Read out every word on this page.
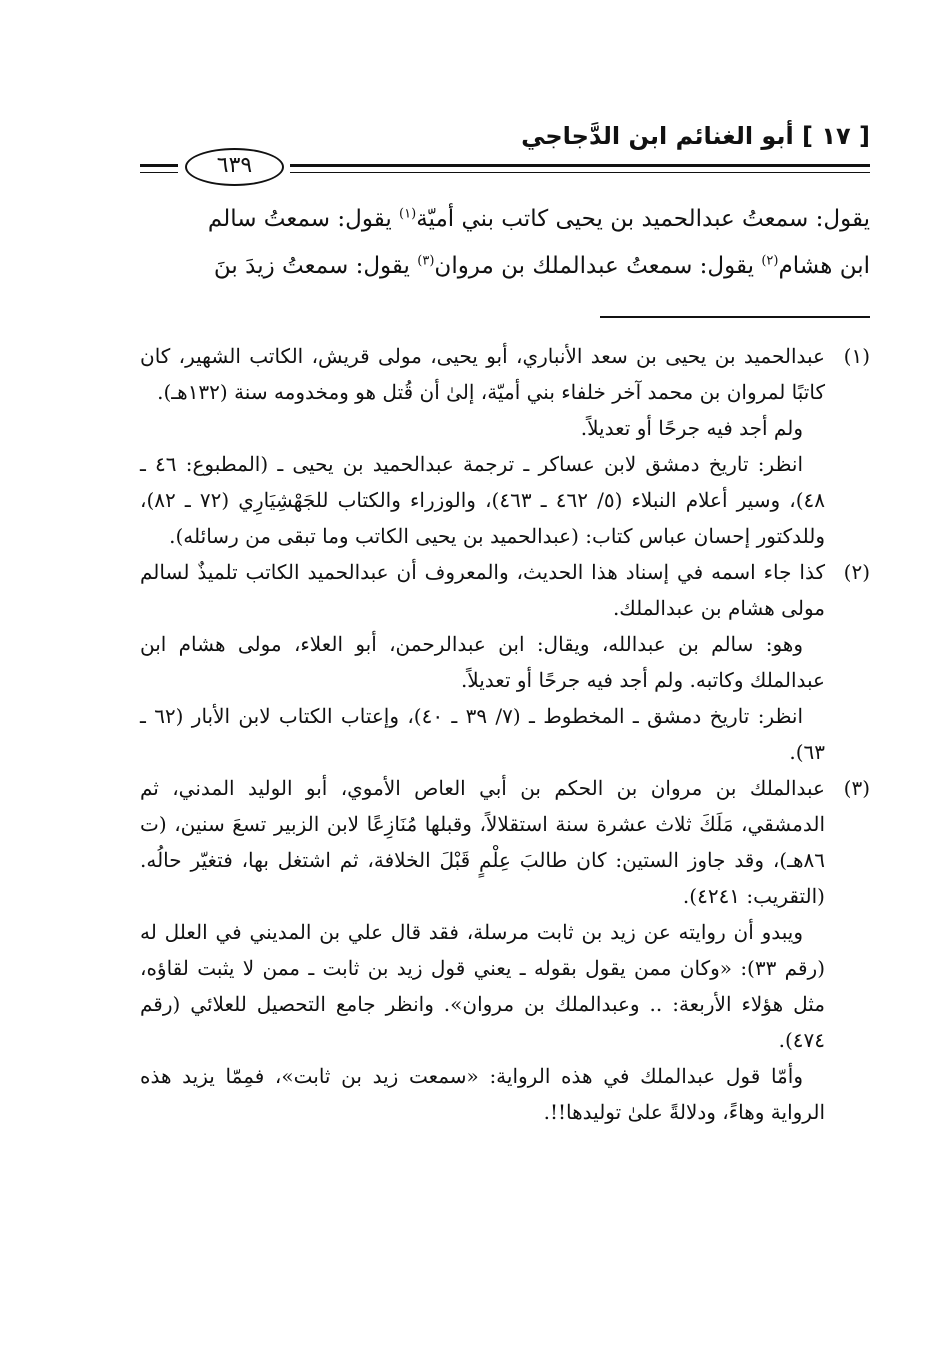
[ ١٧ ] أبو الغنائم ابن الدَّجاجي
٦٣٩

يقول: سمعتُ عبدالحميد بن يحيى كاتب بني أميّة$^{(١)}$ يقول: سمعتُ سالم

ابن هشام$^{(٢)}$ يقول: سمعتُ عبدالملك بن مروان$^{(٣)}$ يقول: سمعتُ زيدَ بنَ

(١)

عبدالحميد بن يحيى بن سعد الأنباري، أبو يحيى، مولى قريش، الكاتب الشهير، كان كاتبًا لمروان بن محمد آخر خلفاء بني أميّة، إلىٰ أن قُتل هو ومخدومه سنة (١٣٢هـ).

ولم أجد فيه جرحًا أو تعديلاً.

انظر: تاريخ دمشق لابن عساكر ـ ترجمة عبدالحميد بن يحيى ـ (المطبوع: ٤٦ ـ ٤٨)، وسير أعلام النبلاء (٥/ ٤٦٢ ـ ٤٦٣)، والوزراء والكتاب للجَهْشِيَارِي (٧٢ ـ ٨٢)، وللدكتور إحسان عباس كتاب: (عبدالحميد بن يحيى الكاتب وما تبقى من رسائله).

(٢)

كذا جاء اسمه في إسناد هذا الحديث، والمعروف أن عبدالحميد الكاتب تلميذٌ لسالم مولى هشام بن عبدالملك.

وهو: سالم بن عبدالله، ويقال: ابن عبدالرحمن، أبو العلاء، مولى هشام ابن عبدالملك وكاتبه. ولم أجد فيه جرحًا أو تعديلاً.

انظر: تاريخ دمشق ـ المخطوط ـ (٧/ ٣٩ ـ ٤٠)، وإعتاب الكتاب لابن الأبار (٦٢ ـ ٦٣).

(٣)

عبدالملك بن مروان بن الحكم بن أبي العاص الأموي، أبو الوليد المدني، ثم الدمشقي، مَلَكَ ثلاث عشرة سنة استقلالاً، وقبلها مُنَازِعًا لابن الزبير تسعَ سنين، (ت ٨٦هـ)، وقد جاوز الستين: كان طالبَ عِلْمٍ قَبْلَ الخلافة، ثم اشتغل بها، فتغيّر حالُه. (التقريب: ٤٢٤١).

ويبدو أن روايته عن زيد بن ثابت مرسلة، فقد قال علي بن المديني في العلل له (رقم ٣٣): «وكان ممن يقول بقوله ـ يعني قول زيد بن ثابت ـ ممن لا يثبت لقاؤه، مثل هؤلاء الأربعة: .. وعبدالملك بن مروان». وانظر جامع التحصيل للعلائي (رقم ٤٧٤).

وأمّا قول عبدالملك في هذه الرواية: «سمعت زيد بن ثابت»، فمِمّا يزيد هذه الرواية وهاءً، ودلالةً علىٰ توليدها!!.
